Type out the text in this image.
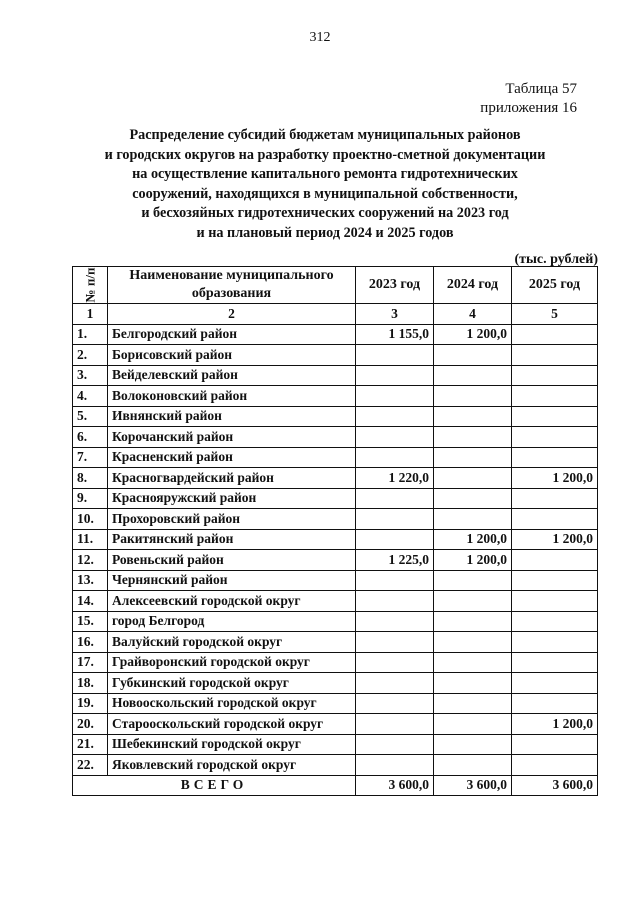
312
Таблица 57
приложения 16
Распределение субсидий бюджетам муниципальных районов
и городских округов на разработку проектно-сметной документации
на осуществление капитального ремонта гидротехнических
сооружений, находящихся в муниципальной собственности,
и бесхозяйных гидротехнических сооружений на 2023 год
и на плановый период 2024 и 2025 годов
(тыс. рублей)
№ п/п	Наименование муниципального образования	2023 год	2024 год	2025 год
1	2	3	4	5
1.	Белгородский район	1 155,0	1 200,0	
2.	Борисовский район			
3.	Вейделевский район			
4.	Волоконовский район			
5.	Ивнянский район			
6.	Корочанский район			
7.	Красненский район			
8.	Красногвардейский район	1 220,0		1 200,0
9.	Краснояружский район			
10.	Прохоровский район			
11.	Ракитянский район		1 200,0	1 200,0
12.	Ровеньский район	1 225,0	1 200,0	
13.	Чернянский район			
14.	Алексеевский городской округ			
15.	город Белгород			
16.	Валуйский городской округ			
17.	Грайворонский городской округ			
18.	Губкинский городской округ			
19.	Новооскольский городской округ			
20.	Старооскольский городской округ			1 200,0
21.	Шебекинский городской округ			
22.	Яковлевский городской округ			
ВСЕГО		3 600,0	3 600,0	3 600,0
